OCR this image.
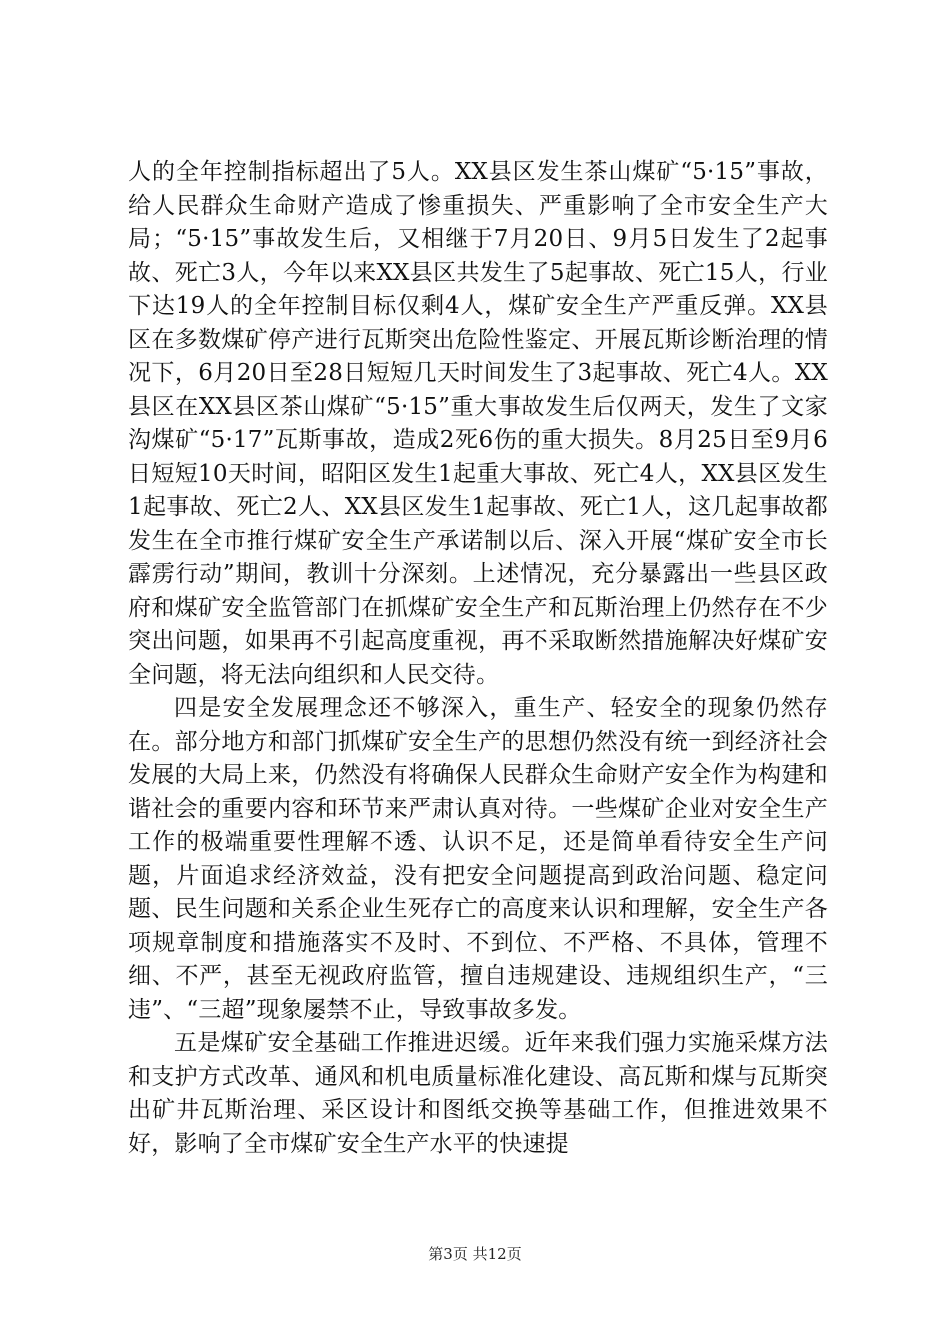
人的全年控制指标超出了5人。XX县区发生茶山煤矿“5·15”事故，给人民群众生命财产造成了惨重损失、严重影响了全市安全生产大局；“5·15”事故发生后，又相继于7月20日、9月5日发生了2起事故、死亡3人，今年以来XX县区共发生了5起事故、死亡15人，行业下达19人的全年控制目标仅剩4人，煤矿安全生产严重反弹。XX县区在多数煤矿停产进行瓦斯突出危险性鉴定、开展瓦斯诊断治理的情况下，6月20日至28日短短几天时间发生了3起事故、死亡4人。XX县区在XX县区茶山煤矿“5·15”重大事故发生后仅两天，发生了文家沟煤矿“5·17”瓦斯事故，造成2死6伤的重大损失。8月25日至9月6日短短10天时间，昭阳区发生1起重大事故、死亡4人，XX县区发生1起事故、死亡2人、XX县区发生1起事故、死亡1人，这几起事故都发生在全市推行煤矿安全生产承诺制以后、深入开展“煤矿安全市长霹雳行动”期间，教训十分深刻。上述情况，充分暴露出一些县区政府和煤矿安全监管部门在抓煤矿安全生产和瓦斯治理上仍然存在不少突出问题，如果再不引起高度重视，再不采取断然措施解决好煤矿安全问题，将无法向组织和人民交待。

四是安全发展理念还不够深入，重生产、轻安全的现象仍然存在。部分地方和部门抓煤矿安全生产的思想仍然没有统一到经济社会发展的大局上来，仍然没有将确保人民群众生命财产安全作为构建和谐社会的重要内容和环节来严肃认真对待。一些煤矿企业对安全生产工作的极端重要性理解不透、认识不足，还是简单看待安全生产问题，片面追求经济效益，没有把安全问题提高到政治问题、稳定问题、民生问题和关系企业生死存亡的高度来认识和理解，安全生产各项规章制度和措施落实不及时、不到位、不严格、不具体，管理不细、不严，甚至无视政府监管，擅自违规建设、违规组织生产，“三违”、“三超”现象屡禁不止，导致事故多发。

五是煤矿安全基础工作推进迟缓。近年来我们强力实施采煤方法和支护方式改革、通风和机电质量标准化建设、高瓦斯和煤与瓦斯突出矿井瓦斯治理、采区设计和图纸交换等基础工作，但推进效果不好，影响了全市煤矿安全生产水平的快速提

第3页 共12页
